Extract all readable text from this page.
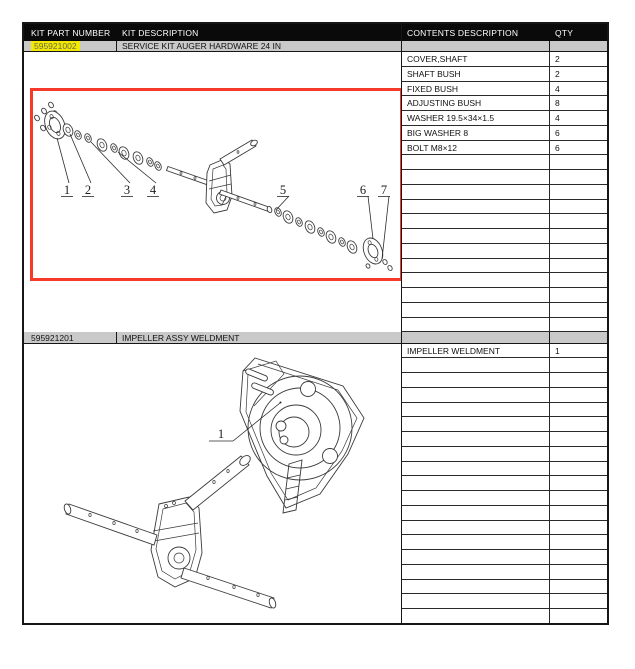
KIT PART NUMBER	KIT DESCRIPTION
595921002	SERVICE KIT AUGER HARDWARE 24 IN
1 2	3 4	5	6 7
595921201	IMPELLER ASSY WELDMENT
1
CONTENTS DESCRIPTION	QTY
COVER,SHAFT	2
SHAFT BUSH	2
FIXED BUSH	4
ADJUSTING BUSH	8
WASHER 19.5×34×1.5	4
BIG WASHER 8	6
BOLT M8×12	6
IMPELLER WELDMENT	1
